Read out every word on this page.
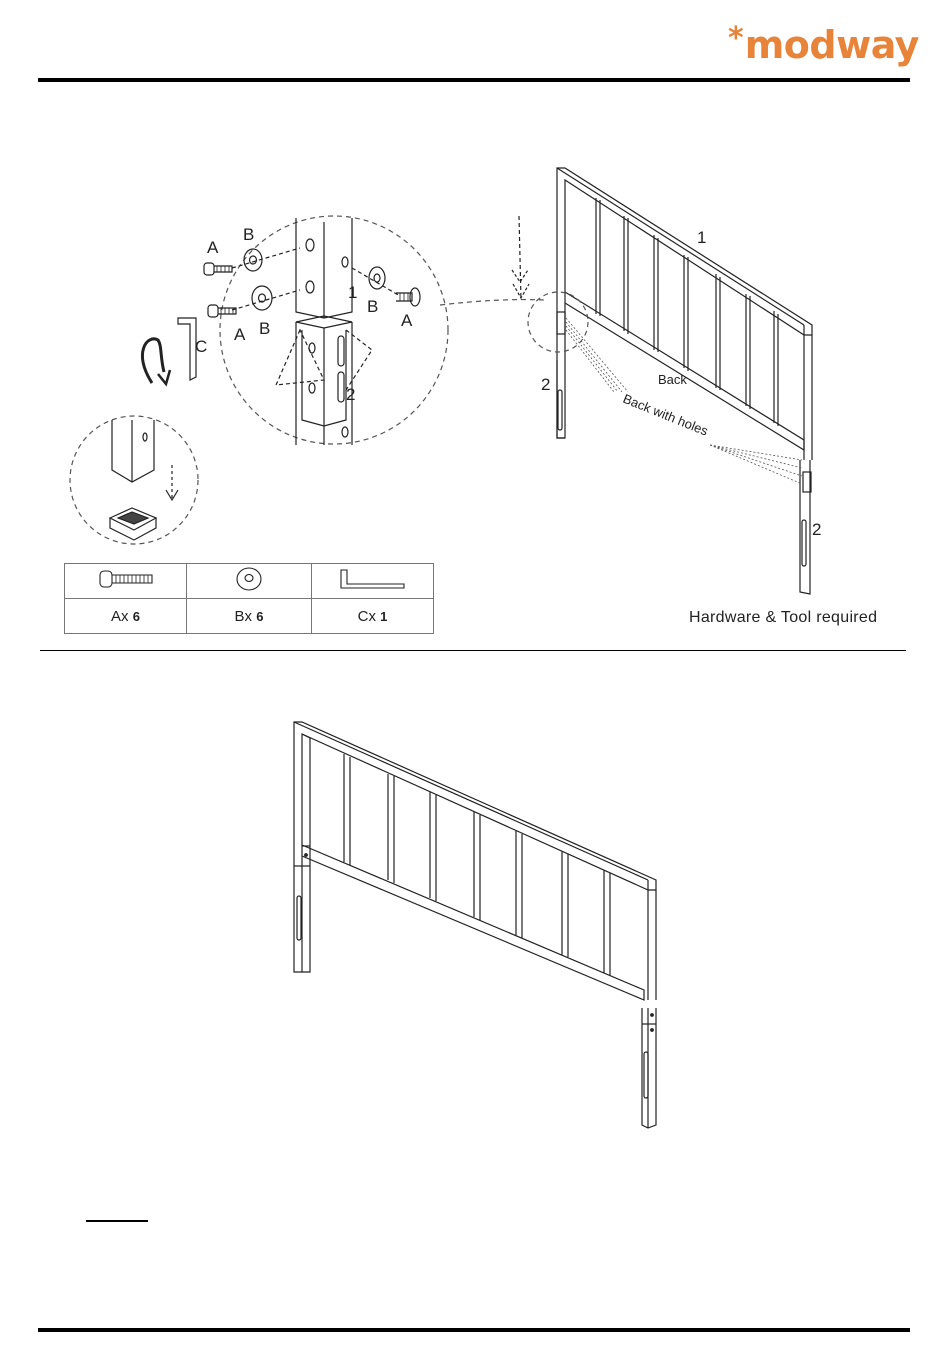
* modway
A
B
A B
C
1
B
A
2
1
2
2
Back
Back with holes

Ax 6	Bx 6	Cx 1	Hardware & Tool required
